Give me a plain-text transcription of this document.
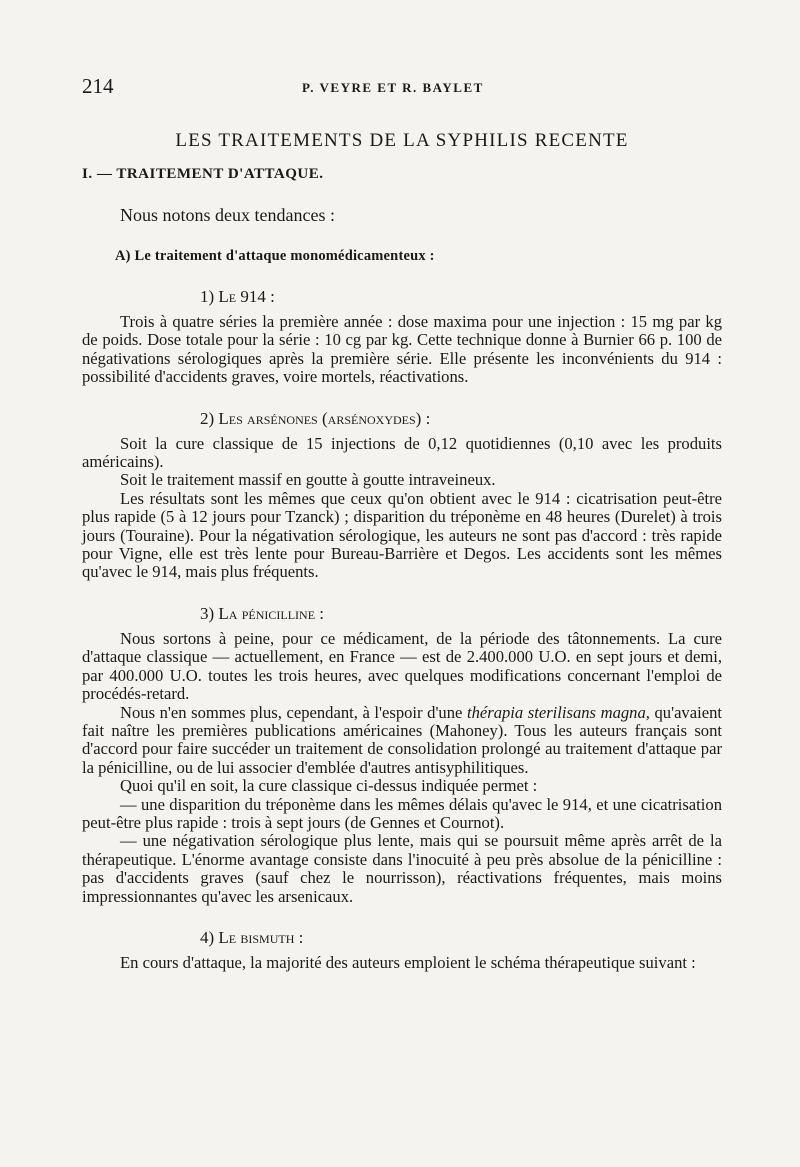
214	P. VEYRE ET R. BAYLET
LES TRAITEMENTS DE LA SYPHILIS RECENTE
I. — TRAITEMENT D'ATTAQUE.
Nous notons deux tendances :
A) Le traitement d'attaque monomédicamenteux :
1) Le 914 :

Trois à quatre séries la première année : dose maxima pour une injection : 15 mg par kg de poids. Dose totale pour la série : 10 cg par kg. Cette technique donne à Burnier 66 p. 100 de négativations sérologiques après la première série. Elle présente les inconvénients du 914 : possibilité d'accidents graves, voire mortels, réactivations.

2) Les arsénones (arsénoxydes) :

Soit la cure classique de 15 injections de 0,12 quotidiennes (0,10 avec les produits américains).

Soit le traitement massif en goutte à goutte intraveineux.

Les résultats sont les mêmes que ceux qu'on obtient avec le 914 : cicatrisation peut-être plus rapide (5 à 12 jours pour Tzanck) ; disparition du tréponème en 48 heures (Durelet) à trois jours (Touraine). Pour la négativation sérologique, les auteurs ne sont pas d'accord : très rapide pour Vigne, elle est très lente pour Bureau-Barrière et Degos. Les accidents sont les mêmes qu'avec le 914, mais plus fréquents.

3) La pénicilline :

Nous sortons à peine, pour ce médicament, de la période des tâtonnements. La cure d'attaque classique — actuellement, en France — est de 2.400.000 U.O. en sept jours et demi, par 400.000 U.O. toutes les trois heures, avec quelques modifications concernant l'emploi de procédés-retard.

Nous n'en sommes plus, cependant, à l'espoir d'une thérapia sterilisans magna, qu'avaient fait naître les premières publications américaines (Mahoney). Tous les auteurs français sont d'accord pour faire succéder un traitement de consolidation prolongé au traitement d'attaque par la pénicilline, ou de lui associer d'emblée d'autres antisyphilitiques.

Quoi qu'il en soit, la cure classique ci-dessus indiquée permet :

— une disparition du tréponème dans les mêmes délais qu'avec le 914, et une cicatrisation peut-être plus rapide : trois à sept jours (de Gennes et Cournot).

— une négativation sérologique plus lente, mais qui se poursuit même après arrêt de la thérapeutique. L'énorme avantage consiste dans l'inocuité à peu près absolue de la pénicilline : pas d'accidents graves (sauf chez le nourrisson), réactivations fréquentes, mais moins impressionnantes qu'avec les arsenicaux.

4) Le bismuth :

En cours d'attaque, la majorité des auteurs emploient le schéma thérapeutique suivant :
